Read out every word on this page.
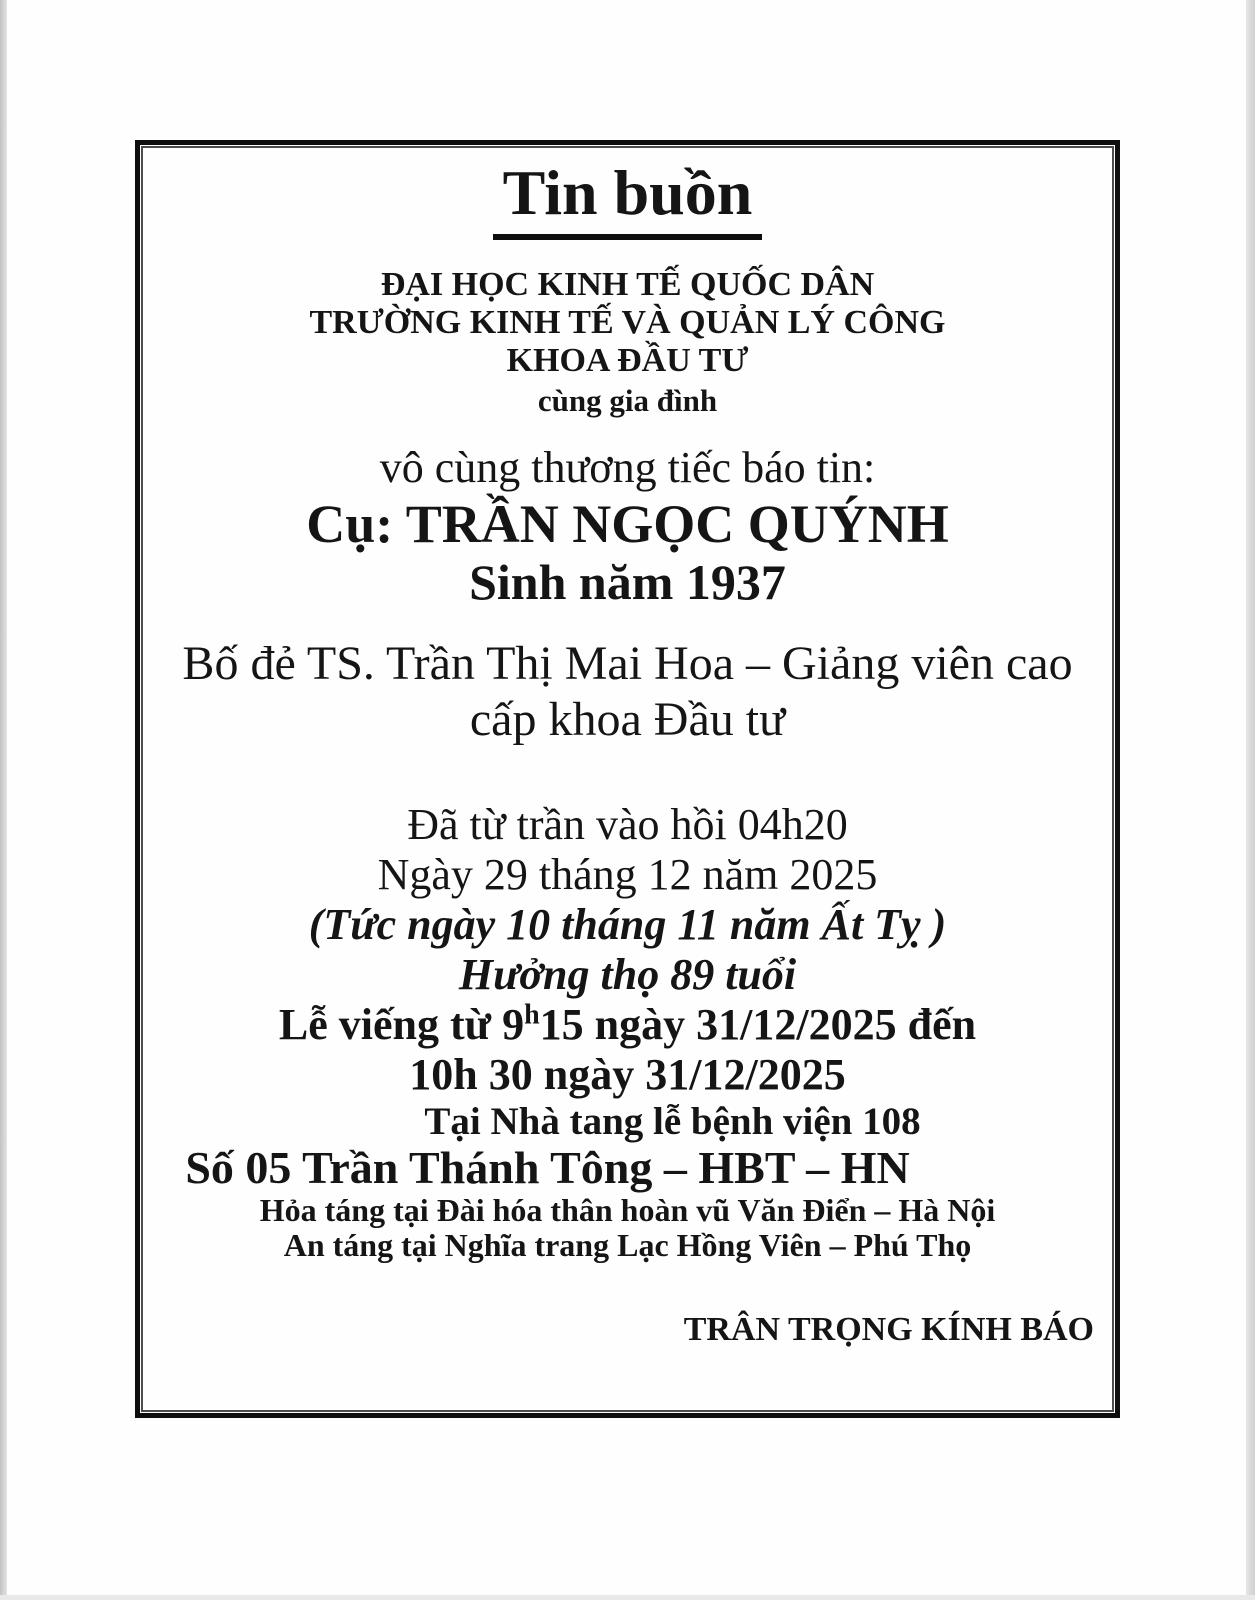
Tin buồn
ĐẠI HỌC KINH TẾ QUỐC DÂN
TRƯỜNG KINH TẾ VÀ QUẢN LÝ CÔNG
KHOA ĐẦU TƯ
cùng gia đình
vô cùng thương tiếc báo tin:
Cụ: TRẦN NGỌC QUÝNH
Sinh năm 1937
Bố đẻ TS. Trần Thị Mai Hoa – Giảng viên cao
cấp khoa Đầu tư
Đã từ trần vào hồi 04h20
Ngày 29 tháng 12 năm 2025
(Tức ngày 10 tháng 11 năm Ất Tỵ )
Hưởng thọ 89 tuổi
Lễ viếng từ 9$^h$15 ngày 31/12/2025 đến
10h 30 ngày 31/12/2025
Tại Nhà tang lễ bệnh viện 108
Số 05 Trần Thánh Tông – HBT – HN
Hỏa táng tại Đài hóa thân hoàn vũ Văn Điển – Hà Nội
An táng tại Nghĩa trang Lạc Hồng Viên – Phú Thọ
TRÂN TRỌNG KÍNH BÁO
